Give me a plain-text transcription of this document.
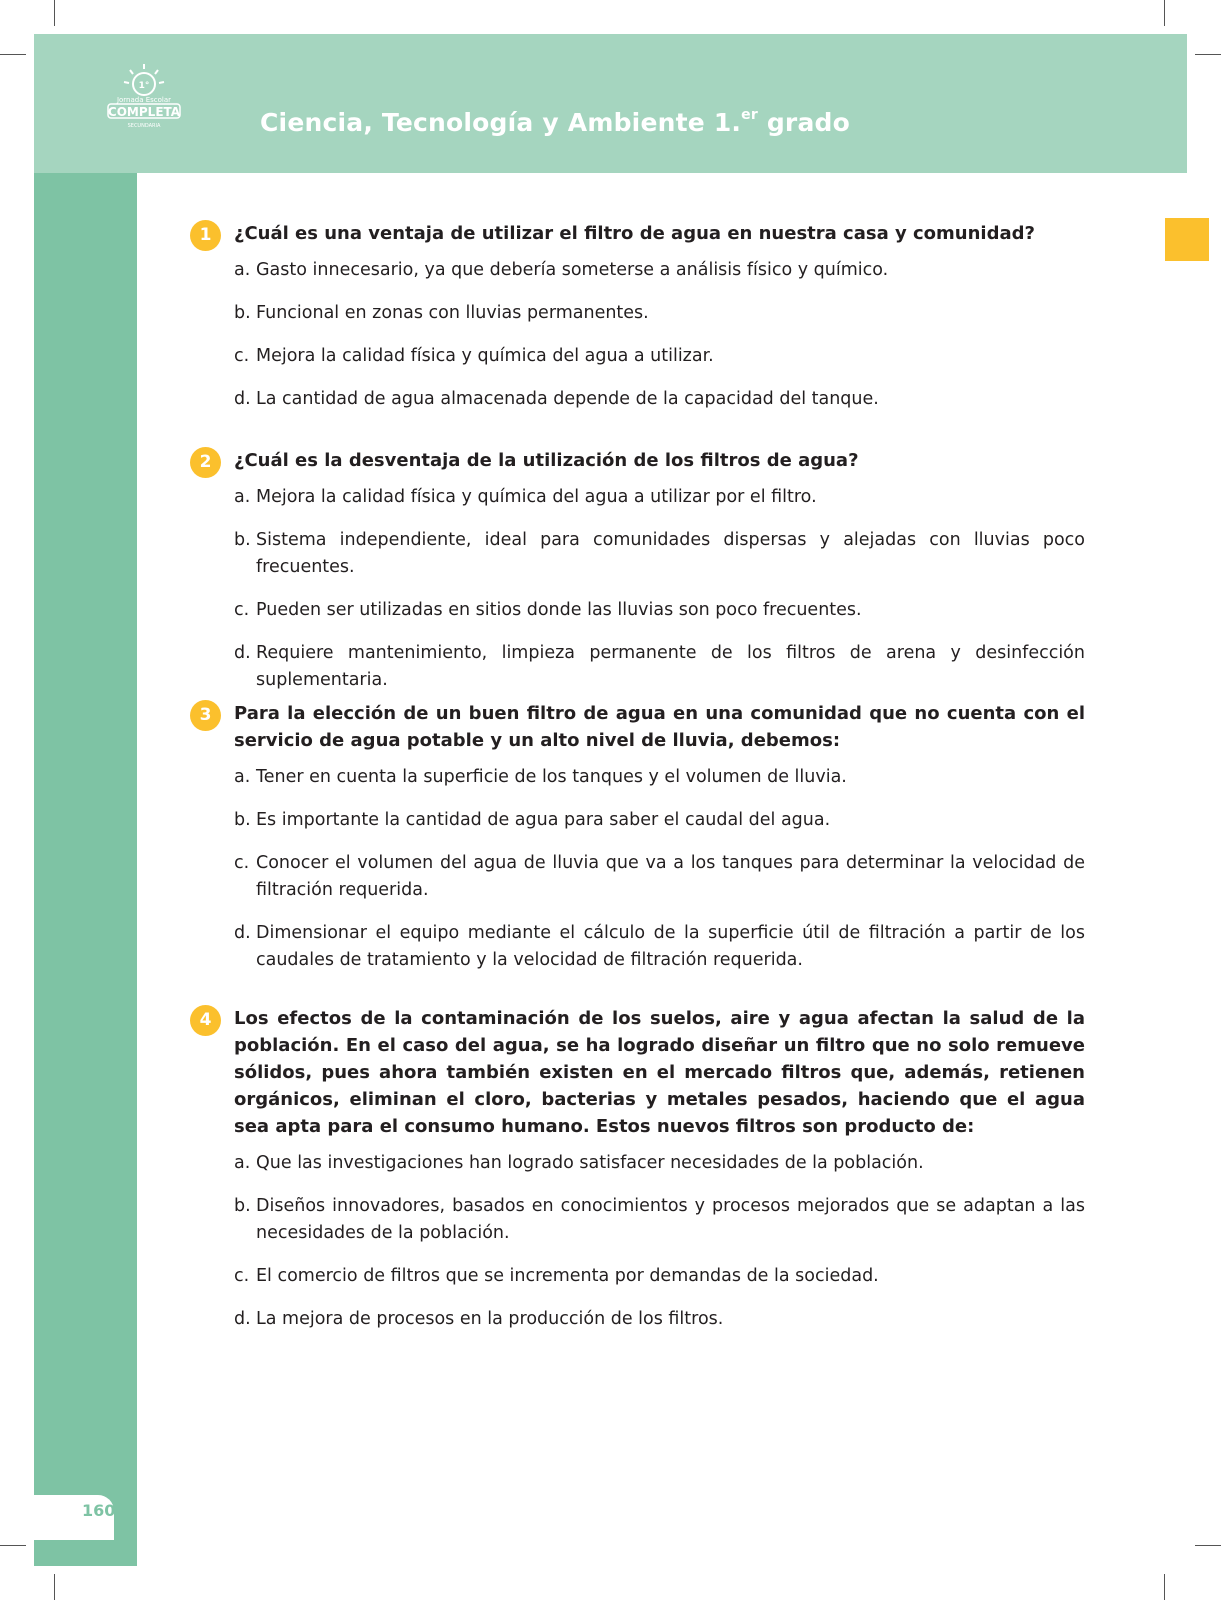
1°
Jornada Escolar
COMPLETA
SECUNDARIA	Ciencia, Tecnología y Ambiente 1.$^{er}$ grado
160
1	¿Cuál es una ventaja de utilizar el filtro de agua en nuestra casa y comunidad?
a. Gasto innecesario, ya que debería someterse a análisis físico y químico.
b. Funcional en zonas con lluvias permanentes.
c. Mejora la calidad física y química del agua a utilizar.
d. La cantidad de agua almacenada depende de la capacidad del tanque.
2	¿Cuál es la desventaja de la utilización de los filtros de agua?
a. Mejora la calidad física y química del agua a utilizar por el filtro.
b. Sistema independiente, ideal para comunidades dispersas y alejadas con lluvias poco frecuentes.
c. Pueden ser utilizadas en sitios donde las lluvias son poco frecuentes.
d. Requiere mantenimiento, limpieza permanente de los filtros de arena y desinfección suplementaria.
3	Para la elección de un buen filtro de agua en una comunidad que no cuenta con el servicio de agua potable y un alto nivel de lluvia, debemos:
a. Tener en cuenta la superficie de los tanques y el volumen de lluvia.
b. Es importante la cantidad de agua para saber el caudal del agua.
c. Conocer el volumen del agua de lluvia que va a los tanques para determinar la velocidad de filtración requerida.
d. Dimensionar el equipo mediante el cálculo de la superficie útil de filtración a partir de los caudales de tratamiento y la velocidad de filtración requerida.
4	Los efectos de la contaminación de los suelos, aire y agua afectan la salud de la población. En el caso del agua, se ha logrado diseñar un filtro que no solo remueve sólidos, pues ahora también existen en el mercado filtros que, además, retienen orgánicos, eliminan el cloro, bacterias y metales pesados, haciendo que el agua sea apta para el consumo humano. Estos nuevos filtros son producto de:
a. Que las investigaciones han logrado satisfacer necesidades de la población.
b. Diseños innovadores, basados en conocimientos y procesos mejorados que se adaptan a las necesidades de la población.
c. El comercio de filtros que se incrementa por demandas de la sociedad.
d. La mejora de procesos en la producción de los filtros.
